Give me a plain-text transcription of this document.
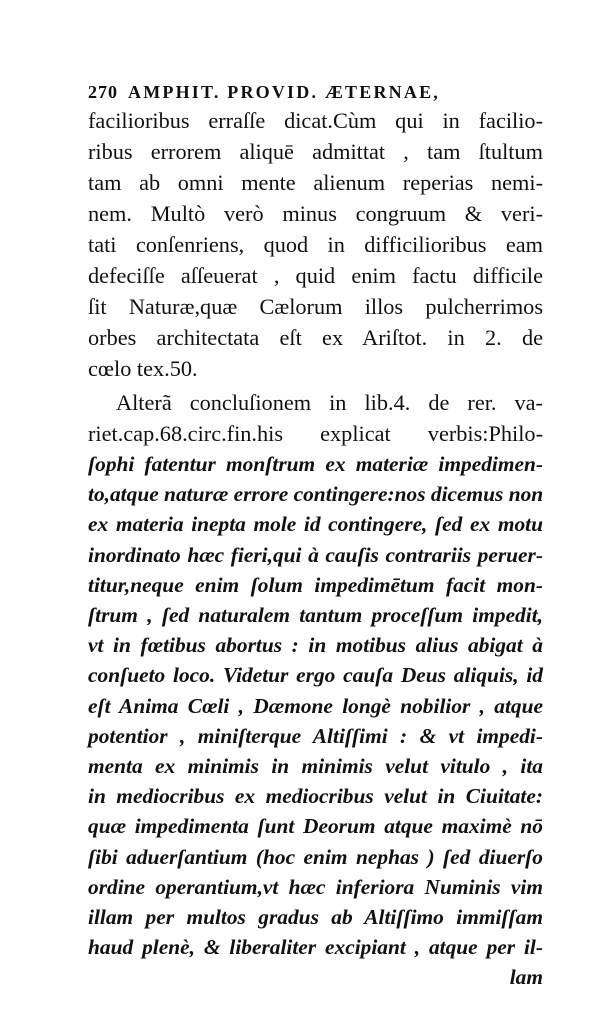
270 AMPHIT. PROVID. ÆTERNAE,
facilioribus erraſſe dicat.Cùm qui in facilio-
ribus errorem aliquē admittat , tam ſtultum
tam ab omni mente alienum reperias nemi-
nem. Multò verò minus congruum & veri-
tati conſenriens, quod in difficilioribus eam
defeciſſe aſſeuerat , quid enim factu difficile
ſit Naturæ,quæ Cælorum illos pulcherrimos
orbes architectata eſt ex Ariſtot. in 2. de
cœlo tex.50.
Alterã concluſionem in lib.4. de rer. va-
riet.cap.68.circ.fin.his explicat verbis:Philo-
ſophi fatentur monſtrum ex materiæ impedimen-
to,atque naturæ errore contingere:nos dicemus non
ex materia inepta mole id contingere, ſed ex motu
inordinato hæc fieri,qui à cauſis contrariis peruer-
titur,neque enim ſolum impedimētum facit mon-
ſtrum , ſed naturalem tantum proceſſum impedit,
vt in fœtibus abortus : in motibus alius abigat à
conſueto loco. Videtur ergo cauſa Deus aliquis, id
eſt Anima Cœli , Dæmone longè nobilior , atque
potentior , miniſterque Altiſſimi : & vt impedi-
menta ex minimis in minimis velut vitulo , ita
in mediocribus ex mediocribus velut in Ciuitate:
quæ impedimenta ſunt Deorum atque maximè nō
ſibi aduerſantium (hoc enim nephas ) ſed diuerſo
ordine operantium,vt hæc inferiora Numinis vim
illam per multos gradus ab Altiſſimo immiſſam
haud plenè, & liberaliter excipiant , atque per il-
lam
